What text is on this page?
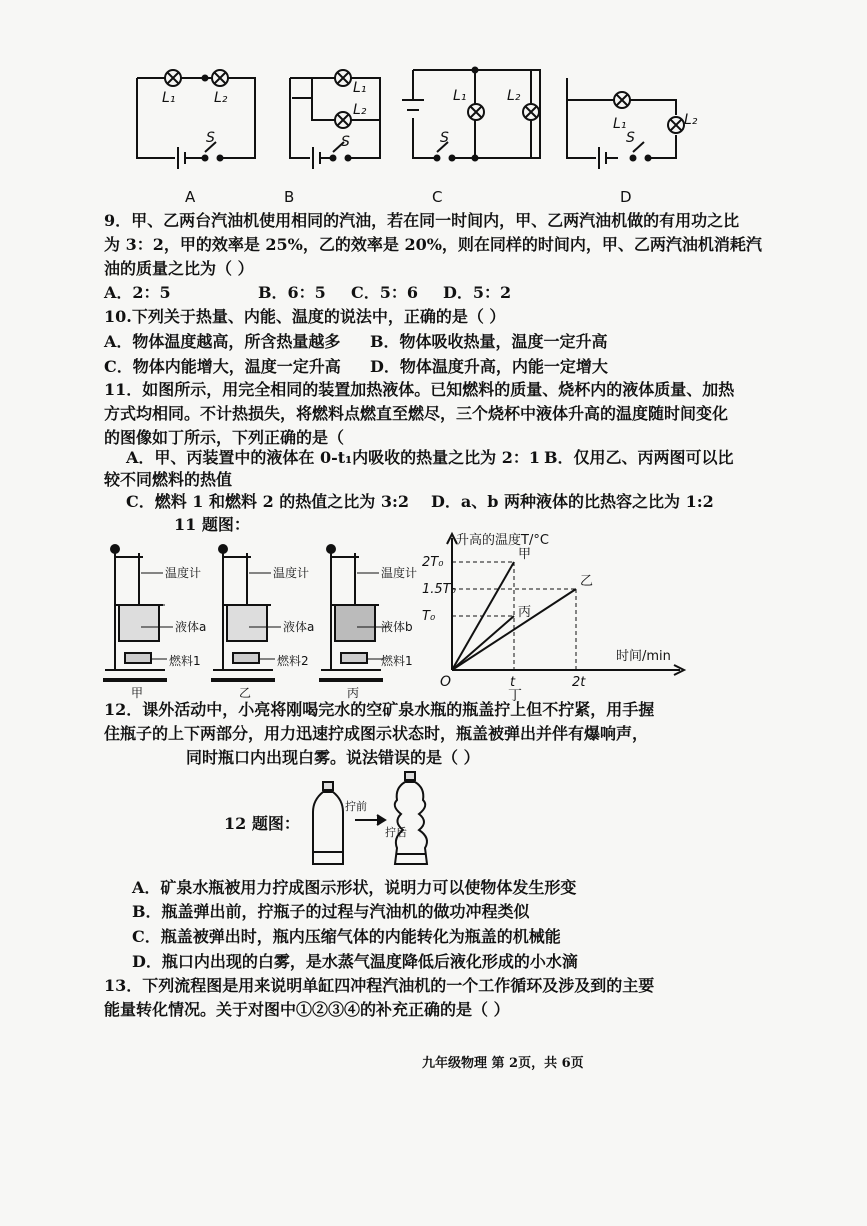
L₁	L₂
S
L₁
L₂
S
L₁	L₂
S
L₁	L₂
S
A	B	C	D
9．甲、乙两台汽油机使用相同的汽油，若在同一时间内，甲、乙两汽油机做的有用功之比
为 3：2，甲的效率是 25%，乙的效率是 20%，则在同样的时间内，甲、乙两汽油机消耗汽
油的质量之比为（ ）
A．2：5	B．6：5 C．5：6 D．5：2
10.下列关于热量、内能、温度的说法中，正确的是（ ）
A．物体温度越高，所含热量越多 B．物体吸收热量，温度一定升高
C．物体内能增大，温度一定升高 D．物体温度升高，内能一定增大
11．如图所示，用完全相同的装置加热液体。已知燃料的质量、烧杯内的液体质量、加热
方式均相同。不计热损失，将燃料点燃直至燃尽，三个烧杯中液体升高的温度随时间变化
的图像如丁所示，下列正确的是（
A．甲、丙装置中的液体在 0-t₁内吸收的热量之比为 2：1 B．仅用乙、丙两图可以比
较不同燃料的热值
C．燃料 1 和燃料 2 的热值之比为 3:2 D．a、b 两种液体的比热容之比为 1:2
11 题图：
温度计
液体a
燃料1
甲
温度计
液体a
燃料2
乙
温度计
液体b
燃料1
丙
2T₀
1.5T₀
T₀
t	2t
甲
乙
丙
升高的温度T/°C
时间/min
O
丁
12．课外活动中，小亮将刚喝完水的空矿泉水瓶的瓶盖拧上但不拧紧，用手握
住瓶子的上下两部分，用力迅速拧成图示状态时，瓶盖被弹出并伴有爆响声，
同时瓶口内出现白雾。说法错误的是（ ）
12 题图：
拧前
拧后
A．矿泉水瓶被用力拧成图示形状，说明力可以使物体发生形变
B．瓶盖弹出前，拧瓶子的过程与汽油机的做功冲程类似
C．瓶盖被弹出时，瓶内压缩气体的内能转化为瓶盖的机械能
D．瓶口内出现的白雾，是水蒸气温度降低后液化形成的小水滴
13．下列流程图是用来说明单缸四冲程汽油机的一个工作循环及涉及到的主要
能量转化情况。关于对图中①②③④的补充正确的是（ ）
九年级物理 第 2页，共 6页
